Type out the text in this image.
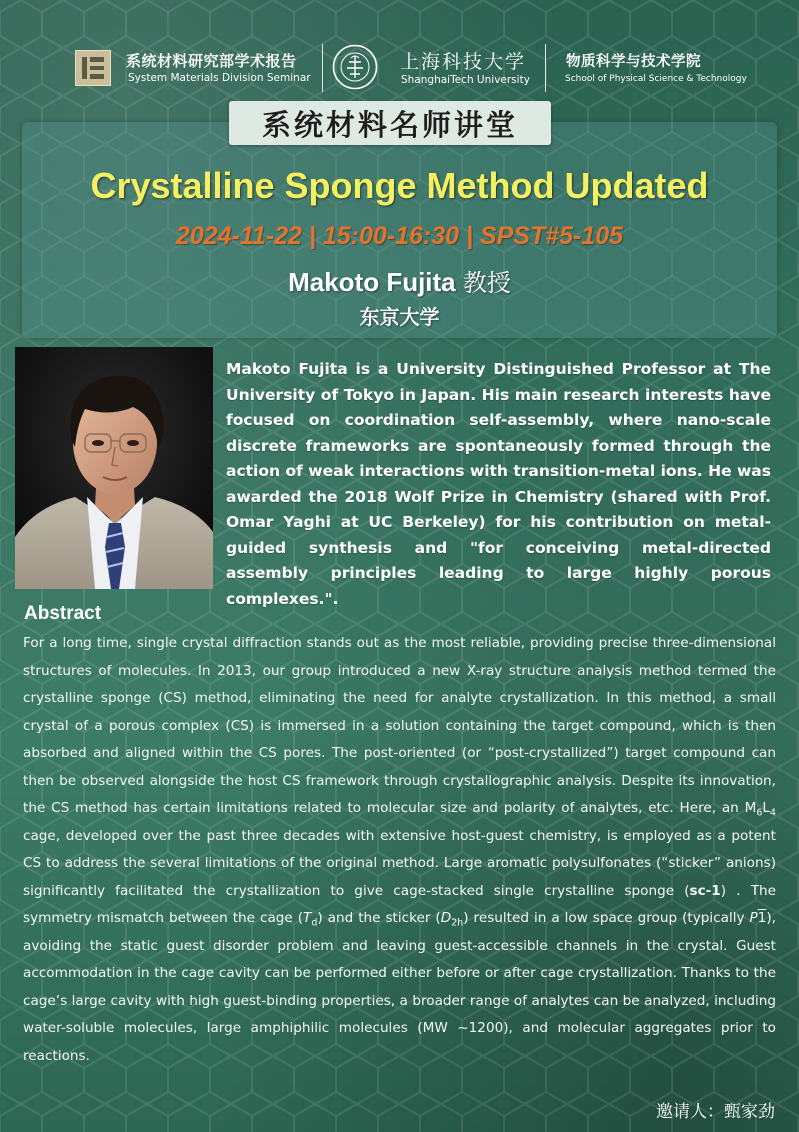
系统材料研究部学术报告
System Materials Division Seminar
上海科技大学
ShanghaiTech University
物质科学与技术学院
School of Physical Science & Technology
系统材料名师讲堂
Crystalline Sponge Method Updated
2024-11-22 | 15:00-16:30 | SPST#5-105
Makoto Fujita 教授
东京大学
Makoto Fujita is a University Distinguished Professor at The University of Tokyo in Japan. His main research interests have focused on coordination self-assembly, where nano-scale discrete frameworks are spontaneously formed through the action of weak interactions with transition-metal ions. He was awarded the 2018 Wolf Prize in Chemistry (shared with Prof. Omar Yaghi at UC Berkeley) for his contribution on metal-guided synthesis and "for conceiving metal-directed assembly principles leading to large highly porous complexes.".
Abstract
For a long time, single crystal diffraction stands out as the most reliable, providing precise three-dimensional structures of molecules. In 2013, our group introduced a new X-ray structure analysis method termed the crystalline sponge (CS) method, eliminating the need for analyte crystallization. In this method, a small crystal of a porous complex (CS) is immersed in a solution containing the target compound, which is then absorbed and aligned within the CS pores. The post-oriented (or “post-crystallized”) target compound can then be observed alongside the host CS framework through crystallographic analysis. Despite its innovation, the CS method has certain limitations related to molecular size and polarity of analytes, etc. Here, an $M_6L_4$ cage, developed over the past three decades with extensive host-guest chemistry, is employed as a potent CS to address the several limitations of the original method. Large aromatic polysulfonates (“sticker” anions) significantly facilitated the crystallization to give cage-stacked single crystalline sponge (sc-1) . The symmetry mismatch between the cage $(T_d)$ and the sticker $(D_{2h})$ resulted in a low space group (typically P1), avoiding the static guest disorder problem and leaving guest-accessible channels in the crystal. Guest accommodation in the cage cavity can be performed either before or after cage crystallization. Thanks to the cage’s large cavity with high guest-binding properties, a broader range of analytes can be analyzed, including water-soluble molecules, large amphiphilic molecules (MW ~1200), and molecular aggregates prior to reactions.
邀请人：甄家劲
